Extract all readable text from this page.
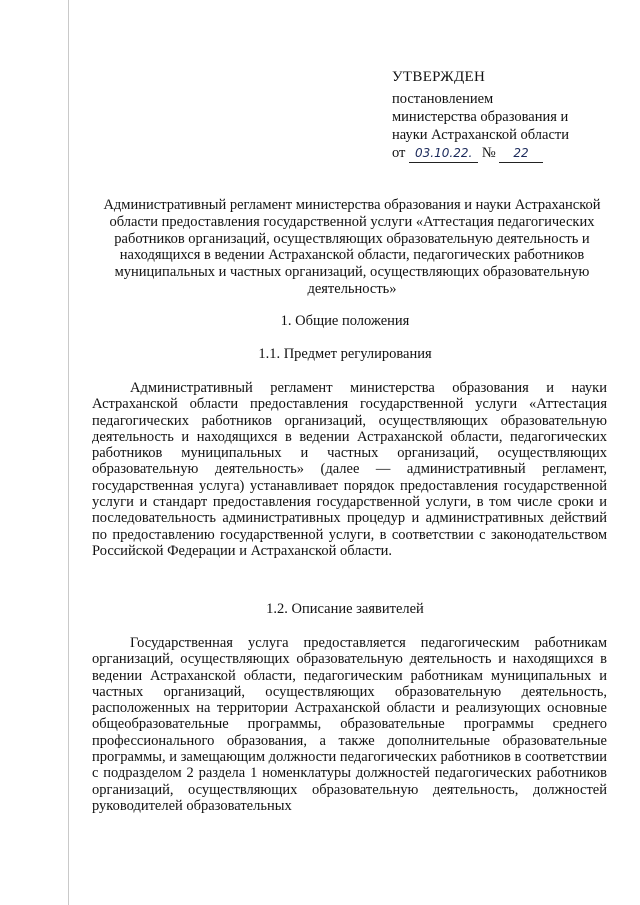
УТВЕРЖДЕН
постановлением
министерства образования и
науки Астраханской области
от 03.10.22. № 22
Административный регламент министерства образования и науки Астраханской области предоставления государственной услуги «Аттестация педагогических работников организаций, осуществляющих образовательную деятельность и находящихся в ведении Астраханской области, педагогических работников муниципальных и частных организаций, осуществляющих образовательную деятельность»
1. Общие положения
1.1. Предмет регулирования
Административный регламент министерства образования и науки Астраханской области предоставления государственной услуги «Аттестация педагогических работников организаций, осуществляющих образовательную деятельность и находящихся в ведении Астраханской области, педагогических работников муниципальных и частных организаций, осуществляющих образовательную деятельность» (далее — административный регламент, государственная услуга) устанавливает порядок предоставления государственной услуги и стандарт предоставления государственной услуги, в том числе сроки и последовательность административных процедур и административных действий по предоставлению государственной услуги, в соответствии с законодательством Российской Федерации и Астраханской области.
1.2. Описание заявителей
Государственная услуга предоставляется педагогическим работникам организаций, осуществляющих образовательную деятельность и находящихся в ведении Астраханской области, педагогическим работникам муниципальных и частных организаций, осуществляющих образовательную деятельность, расположенных на территории Астраханской области и реализующих основные общеобразовательные программы, образовательные программы среднего профессионального образования, а также дополнительные образовательные программы, и замещающим должности педагогических работников в соответствии с подразделом 2 раздела 1 номенклатуры должностей педагогических работников организаций, осуществляющих образовательную деятельность, должностей руководителей образовательных
